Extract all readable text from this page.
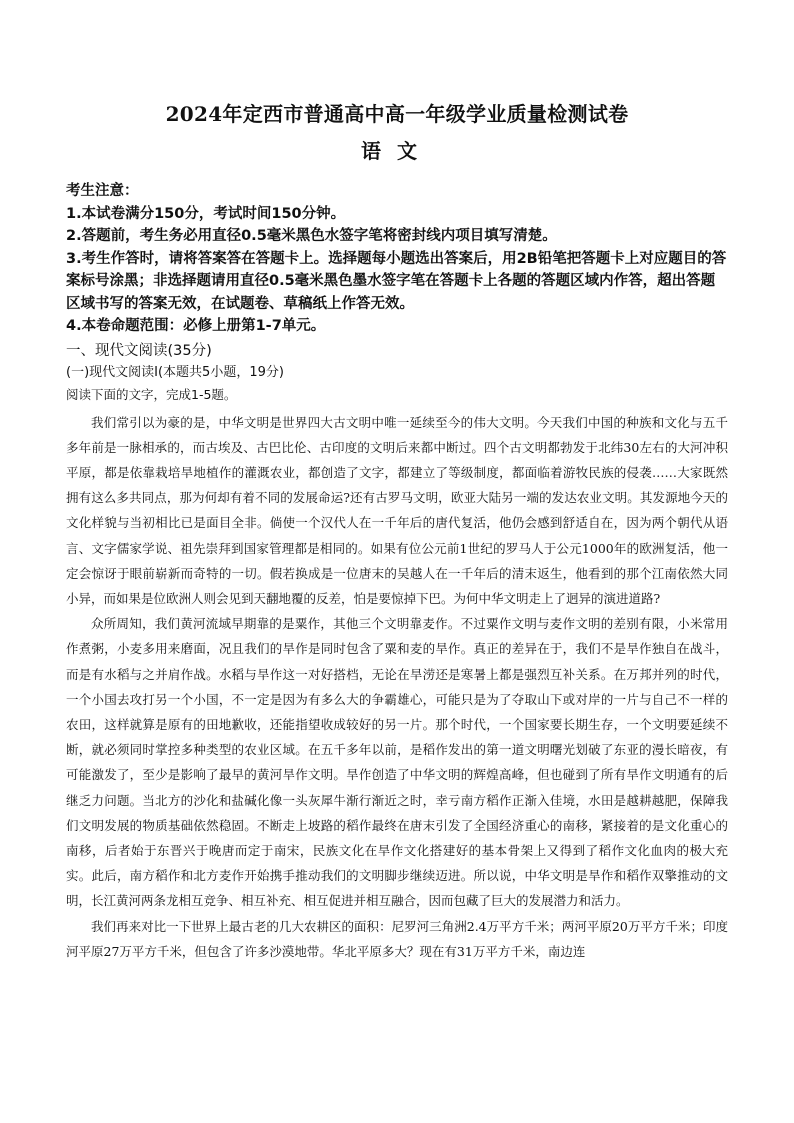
2024年定西市普通高中高一年级学业质量检测试卷
语文

考生注意：

1.本试卷满分150分，考试时间150分钟。

2.答题前，考生务必用直径0.5毫米黑色水签字笔将密封线内项目填写清楚。

3.考生作答时，请将答案答在答题卡上。选择题每小题选出答案后，用2B铅笔把答题卡上对应题目的答案标号涂黑；非选择题请用直径0.5毫米黑色墨水签字笔在答题卡上各题的答题区域内作答，超出答题区域书写的答案无效，在试题卷、草稿纸上作答无效。

4.本卷命题范围：必修上册第1-7单元。

一、现代文阅读(35分)

(一)现代文阅读Ⅰ(本题共5小题，19分)

阅读下面的文字，完成1-5题。

我们常引以为豪的是，中华文明是世界四大古文明中唯一延续至今的伟大文明。今天我们中国的种族和文化与五千多年前是一脉相承的，而古埃及、古巴比伦、古印度的文明后来都中断过。四个古文明都勃发于北纬30左右的大河冲积平原，都是依靠栽培旱地植作的灌溉农业，都创造了文字，都建立了等级制度，都面临着游牧民族的侵袭……大家既然拥有这么多共同点，那为何却有着不同的发展命运?还有古罗马文明，欧亚大陆另一端的发达农业文明。其发源地今天的文化样貌与当初相比已是面目全非。倘使一个汉代人在一千年后的唐代复活，他仍会感到舒适自在，因为两个朝代从语言、文字儒家学说、祖先崇拜到国家管理都是相同的。如果有位公元前1世纪的罗马人于公元1000年的欧洲复活，他一定会惊讶于眼前崭新而奇特的一切。假若换成是一位唐末的吴越人在一千年后的清末返生，他看到的那个江南依然大同小异，而如果是位欧洲人则会见到天翻地覆的反差，怕是要惊掉下巴。为何中华文明走上了迥异的演进道路?

众所周知，我们黄河流域早期靠的是粟作，其他三个文明靠麦作。不过粟作文明与麦作文明的差别有限，小米常用作煮粥，小麦多用来磨面，况且我们的旱作是同时包含了粟和麦的旱作。真正的差异在于，我们不是旱作独自在战斗，而是有水稻与之并肩作战。水稻与旱作这一对好搭档，无论在旱涝还是寒暑上都是强烈互补关系。在万邦并列的时代，一个小国去攻打另一个小国，不一定是因为有多么大的争霸雄心，可能只是为了夺取山下或对岸的一片与自己不一样的农田，这样就算是原有的田地歉收，还能指望收成较好的另一片。那个时代，一个国家要长期生存，一个文明要延续不断，就必须同时掌控多种类型的农业区域。在五千多年以前，是稻作发出的第一道文明曙光划破了东亚的漫长暗夜，有可能激发了，至少是影响了最早的黄河旱作文明。旱作创造了中华文明的辉煌高峰，但也碰到了所有旱作文明通有的后继乏力问题。当北方的沙化和盐碱化像一头灰犀牛渐行渐近之时，幸亏南方稻作正渐入佳境，水田是越耕越肥，保障我们文明发展的物质基础依然稳固。不断走上坡路的稻作最终在唐末引发了全国经济重心的南移，紧接着的是文化重心的南移，后者始于东晋兴于晚唐而定于南宋，民族文化在旱作文化搭建好的基本骨架上又得到了稻作文化血肉的极大充实。此后，南方稻作和北方麦作开始携手推动我们的文明脚步继续迈进。所以说，中华文明是旱作和稻作双擎推动的文明，长江黄河两条龙相互竞争、相互补充、相互促进并相互融合，因而包藏了巨大的发展潜力和活力。

我们再来对比一下世界上最古老的几大农耕区的面积：尼罗河三角洲2.4万平方千米；两河平原20万平方千米；印度河平原27万平方千米，但包含了许多沙漠地带。华北平原多大？现在有31万平方千米，南边连
